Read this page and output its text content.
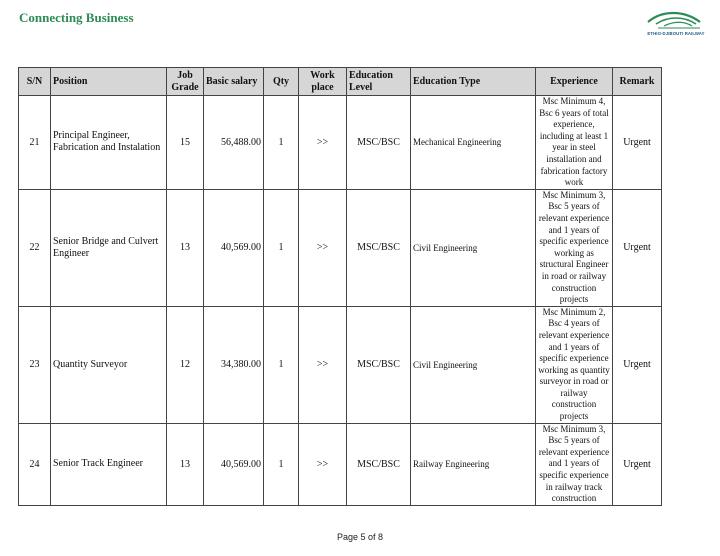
Connecting Business
ETHIO-DJIBOUTI RAILWAY
S/N	Position	Job Grade	Basic salary	Qty	Work place	Education Level	Education Type	Experience	Remark
21	Principal Engineer, Fabrication and Instalation	15	56,488.00	1	>>	MSC/BSC	Mechanical Engineering	Msc Minimum 4, Bsc 6 years of total experience, including at least 1 year in steel installation and fabrication factory work	Urgent
22	Senior Bridge and Culvert Engineer	13	40,569.00	1	>>	MSC/BSC	Civil Engineering	Msc Minimum 3, Bsc 5 years of relevant experience and 1 years of specific experience working as structural Engineer in road or railway construction projects	Urgent
23	Quantity Surveyor	12	34,380.00	1	>>	MSC/BSC	Civil Engineering	Msc Minimum 2, Bsc 4 years of relevant experience and 1 years of specific experience working as quantity surveyor in road or railway construction projects	Urgent
24	Senior Track Engineer	13	40,569.00	1	>>	MSC/BSC	Railway Engineering	Msc Minimum 3, Bsc 5 years of relevant experience and 1 years of specific experience in railway track construction	Urgent
Page 5 of 8
